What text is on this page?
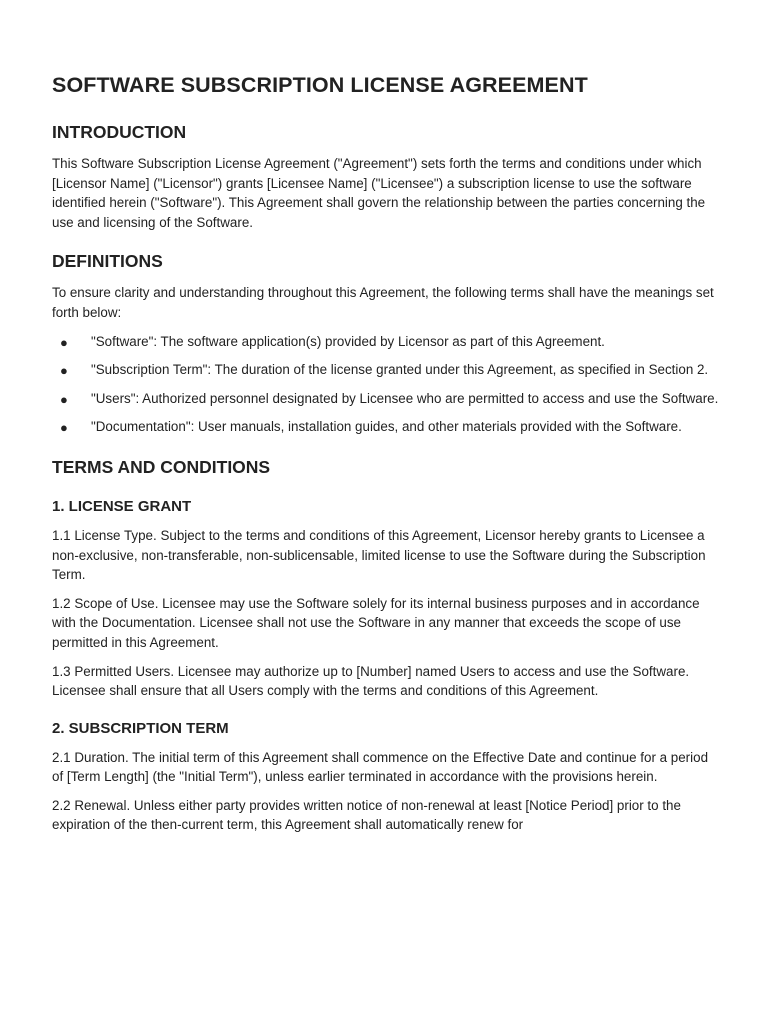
SOFTWARE SUBSCRIPTION LICENSE AGREEMENT
INTRODUCTION

This Software Subscription License Agreement ("Agreement") sets forth the terms and conditions under which [Licensor Name] ("Licensor") grants [Licensee Name] ("Licensee") a subscription license to use the software identified herein ("Software"). This Agreement shall govern the relationship between the parties concerning the use and licensing of the Software.

DEFINITIONS

To ensure clarity and understanding throughout this Agreement, the following terms shall have the meanings set forth below:

● "Software": The software application(s) provided by Licensor as part of this Agreement.
● "Subscription Term": The duration of the license granted under this Agreement, as specified in Section 2.
● "Users": Authorized personnel designated by Licensee who are permitted to access and use the Software.
● "Documentation": User manuals, installation guides, and other materials provided with the Software.
TERMS AND CONDITIONS
1. LICENSE GRANT

1.1 License Type. Subject to the terms and conditions of this Agreement, Licensor hereby grants to Licensee a non-exclusive, non-transferable, non-sublicensable, limited license to use the Software during the Subscription Term.

1.2 Scope of Use. Licensee may use the Software solely for its internal business purposes and in accordance with the Documentation. Licensee shall not use the Software in any manner that exceeds the scope of use permitted in this Agreement.

1.3 Permitted Users. Licensee may authorize up to [Number] named Users to access and use the Software. Licensee shall ensure that all Users comply with the terms and conditions of this Agreement.

2. SUBSCRIPTION TERM

2.1 Duration. The initial term of this Agreement shall commence on the Effective Date and continue for a period of [Term Length] (the "Initial Term"), unless earlier terminated in accordance with the provisions herein.

2.2 Renewal. Unless either party provides written notice of non-renewal at least [Notice Period] prior to the expiration of the then-current term, this Agreement shall automatically renew for
